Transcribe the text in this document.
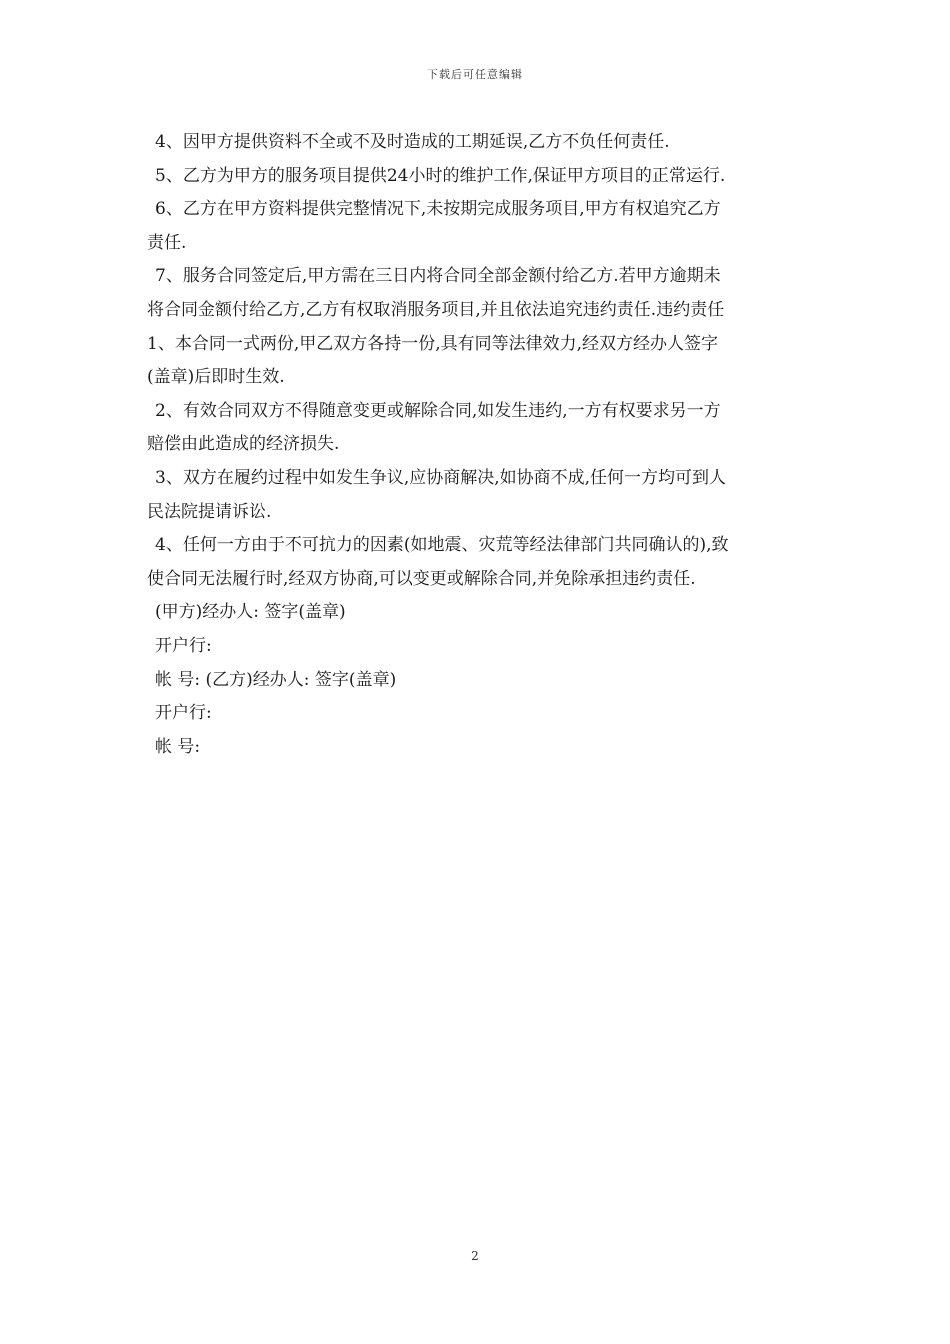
下载后可任意编辑
4、因甲方提供资料不全或不及时造成的工期延误,乙方不负任何责任.
5、乙方为甲方的服务项目提供24小时的维护工作,保证甲方项目的正常运行.
6、乙方在甲方资料提供完整情况下,未按期完成服务项目,甲方有权追究乙方
责任.
7、服务合同签定后,甲方需在三日内将合同全部金额付给乙方.若甲方逾期未
将合同金额付给乙方,乙方有权取消服务项目,并且依法追究违约责任.违约责任
1、本合同一式两份,甲乙双方各持一份,具有同等法律效力,经双方经办人签字
(盖章)后即时生效.
2、有效合同双方不得随意变更或解除合同,如发生违约,一方有权要求另一方
赔偿由此造成的经济损失.
3、双方在履约过程中如发生争议,应协商解决,如协商不成,任何一方均可到人
民法院提请诉讼.
4、任何一方由于不可抗力的因素(如地震、灾荒等经法律部门共同确认的),致
使合同无法履行时,经双方协商,可以变更或解除合同,并免除承担违约责任.
(甲方)经办人: 签字(盖章)
开户行:
帐 号: (乙方)经办人: 签字(盖章)
开户行:
帐 号:
2
